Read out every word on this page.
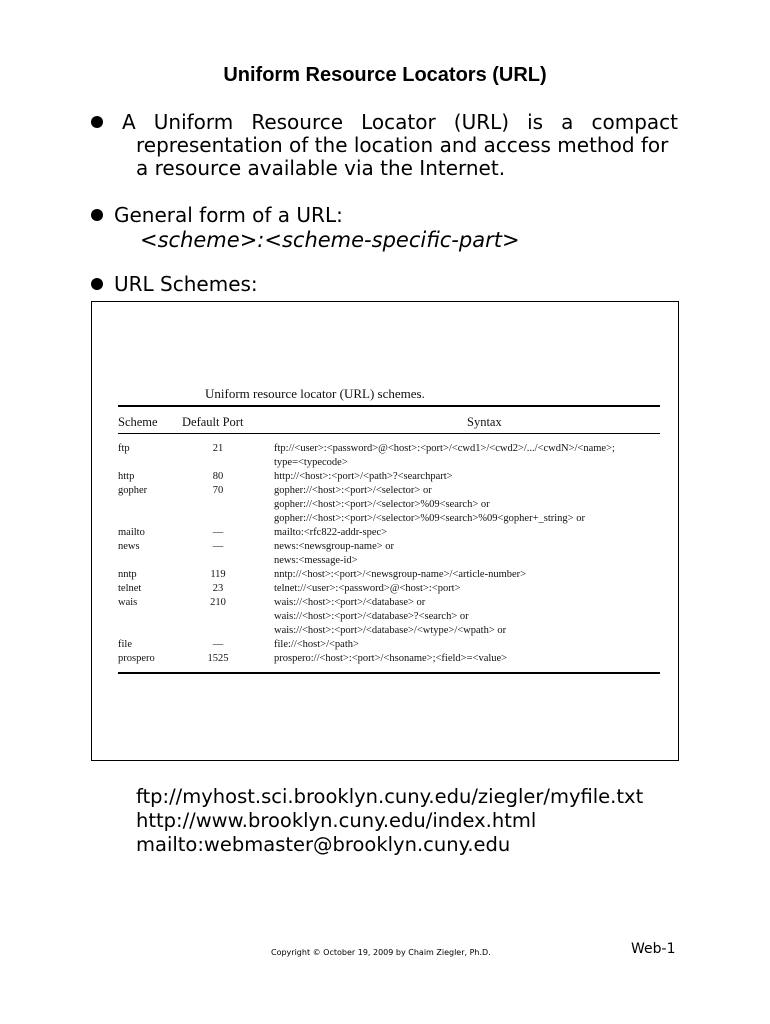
Uniform Resource Locators (URL)
A Uniform Resource Locator (URL) is a compact
representation of the location and access method for
a resource available via the Internet.
General form of a URL:
<scheme>:<scheme-specific-part>
URL Schemes:
Uniform resource locator (URL) schemes.
Scheme Default Port	Syntax
ftp	21	ftp://<user>:<password>@<host>:<port>/<cwd1>/<cwd2>/.../<cwdN>/<name>;
type=<typecode>
http	80	http://<host>:<port>/<path>?<searchpart>
gopher	70	gopher://<host>:<port>/<selector> or
gopher://<host>:<port>/<selector>%09<search> or
gopher://<host>:<port>/<selector>%09<search>%09<gopher+_string> or
mailto	—	mailto:<rfc822-addr-spec>
news	—	news:<newsgroup-name> or
news:<message-id>
nntp	119	nntp://<host>:<port>/<newsgroup-name>/<article-number>
telnet	23	telnet://<user>:<password>@<host>:<port>
wais	210	wais://<host>:<port>/<database> or
wais://<host>:<port>/<database>?<search> or
wais://<host>:<port>/<database>/<wtype>/<wpath> or
file	—	file://<host>/<path>
prospero	1525	prospero://<host>:<port>/<hsoname>;<field>=<value>
ftp://myhost.sci.brooklyn.cuny.edu/ziegler/myfile.txt
http://www.brooklyn.cuny.edu/index.html
mailto:webmaster@brooklyn.cuny.edu
Copyright © October 19, 2009 by Chaim Ziegler, Ph.D.	Web-1
